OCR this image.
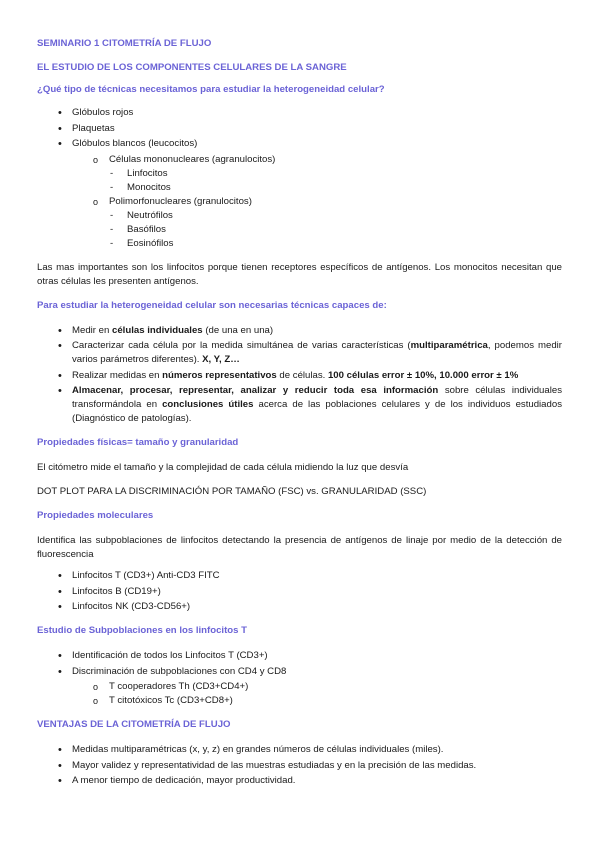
SEMINARIO 1 CITOMETRÍA DE FLUJO

EL ESTUDIO DE LOS COMPONENTES CELULARES DE LA SANGRE

¿Qué tipo de técnicas necesitamos para estudiar la heterogeneidad celular?

• Glóbulos rojos
• Plaquetas
• Glóbulos blancos (leucocitos)
o Células mononucleares (agranulocitos)
- Linfocitos
- Monocitos
o Polimorfonucleares (granulocitos)
- Neutrófilos
- Basófilos
- Eosinófilos

Las mas importantes son los linfocitos porque tienen receptores específicos de antígenos. Los monocitos necesitan que otras células les presenten antígenos.

Para estudiar la heterogeneidad celular son necesarias técnicas capaces de:

• Medir en células individuales (de una en una)
• Caracterizar cada célula por la medida simultánea de varias características (multiparamétrica, podemos medir varios parámetros diferentes). X, Y, Z…
• Realizar medidas en números representativos de células. 100 células error ± 10%, 10.000 error ± 1%
• Almacenar, procesar, representar, analizar y reducir toda esa información sobre células individuales transformándola en conclusiones útiles acerca de las poblaciones celulares y de los individuos estudiados (Diagnóstico de patologías).

Propiedades físicas= tamaño y granularidad

El citómetro mide el tamaño y la complejidad de cada célula midiendo la luz que desvía

DOT PLOT PARA LA DISCRIMINACIÓN POR TAMAÑO (FSC) vs. GRANULARIDAD (SSC)

Propiedades moleculares

Identifica las subpoblaciones de linfocitos detectando la presencia de antígenos de linaje por medio de la detección de fluorescencia

• Linfocitos T (CD3+) Anti-CD3 FITC
• Linfocitos B (CD19+)
• Linfocitos NK (CD3-CD56+)

Estudio de Subpoblaciones en los linfocitos T

• Identificación de todos los Linfocitos T (CD3+)
• Discriminación de subpoblaciones con CD4 y CD8
o T cooperadores Th (CD3+CD4+)
o T citotóxicos Tc (CD3+CD8+)

VENTAJAS DE LA CITOMETRÍA DE FLUJO

• Medidas multiparamétricas (x, y, z) en grandes números de células individuales (miles).
• Mayor validez y representatividad de las muestras estudiadas y en la precisión de las medidas.
• A menor tiempo de dedicación, mayor productividad.
